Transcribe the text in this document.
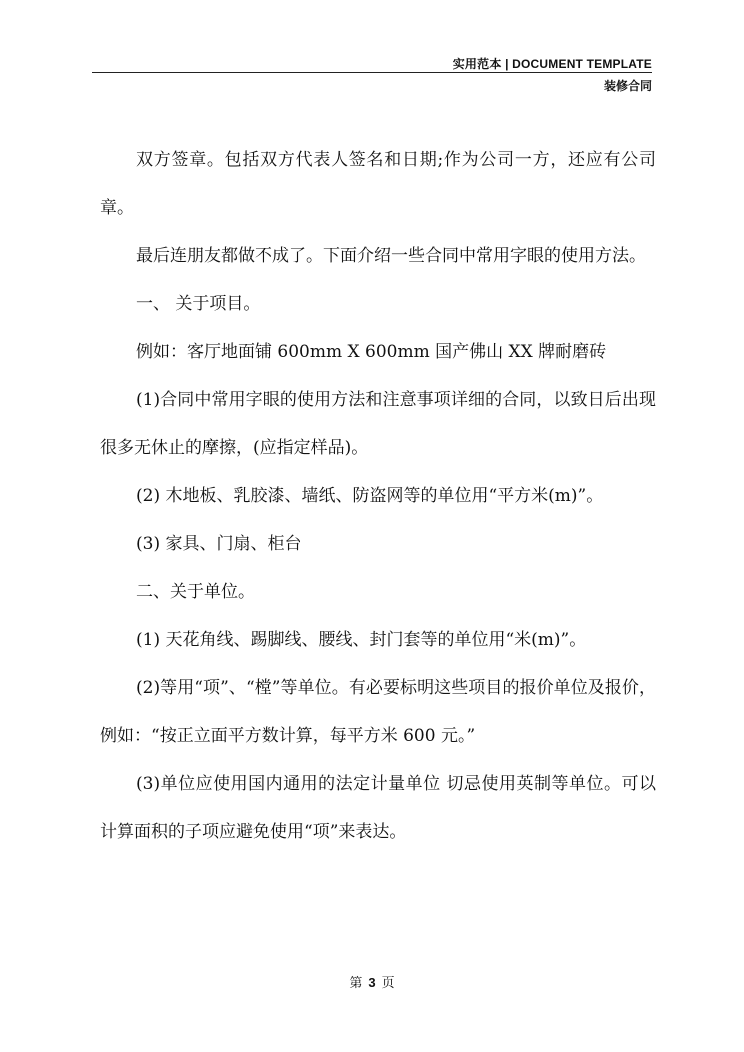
实用范本 | DOCUMENT TEMPLATE
装修合同

双方签章。包括双方代表人签名和日期;作为公司一方，还应有公司章。

最后连朋友都做不成了。下面介绍一些合同中常用字眼的使用方法。

一、 关于项目。

例如：客厅地面铺 600mm X 600mm 国产佛山 XX 牌耐磨砖

(1)合同中常用字眼的使用方法和注意事项详细的合同，以致日后出现很多无休止的摩擦，(应指定样品)。

(2) 木地板、乳胶漆、墙纸、防盗网等的单位用“平方米(m)”。

(3) 家具、门扇、柜台

二、关于单位。

(1) 天花角线、踢脚线、腰线、封门套等的单位用“米(m)”。

(2)等用“项”、“樘”等单位。有必要标明这些项目的报价单位及报价，例如：“按正立面平方数计算，每平方米 600 元。”

(3)单位应使用国内通用的法定计量单位 切忌使用英制等单位。可以计算面积的子项应避免使用“项”来表达。

第 3 页
